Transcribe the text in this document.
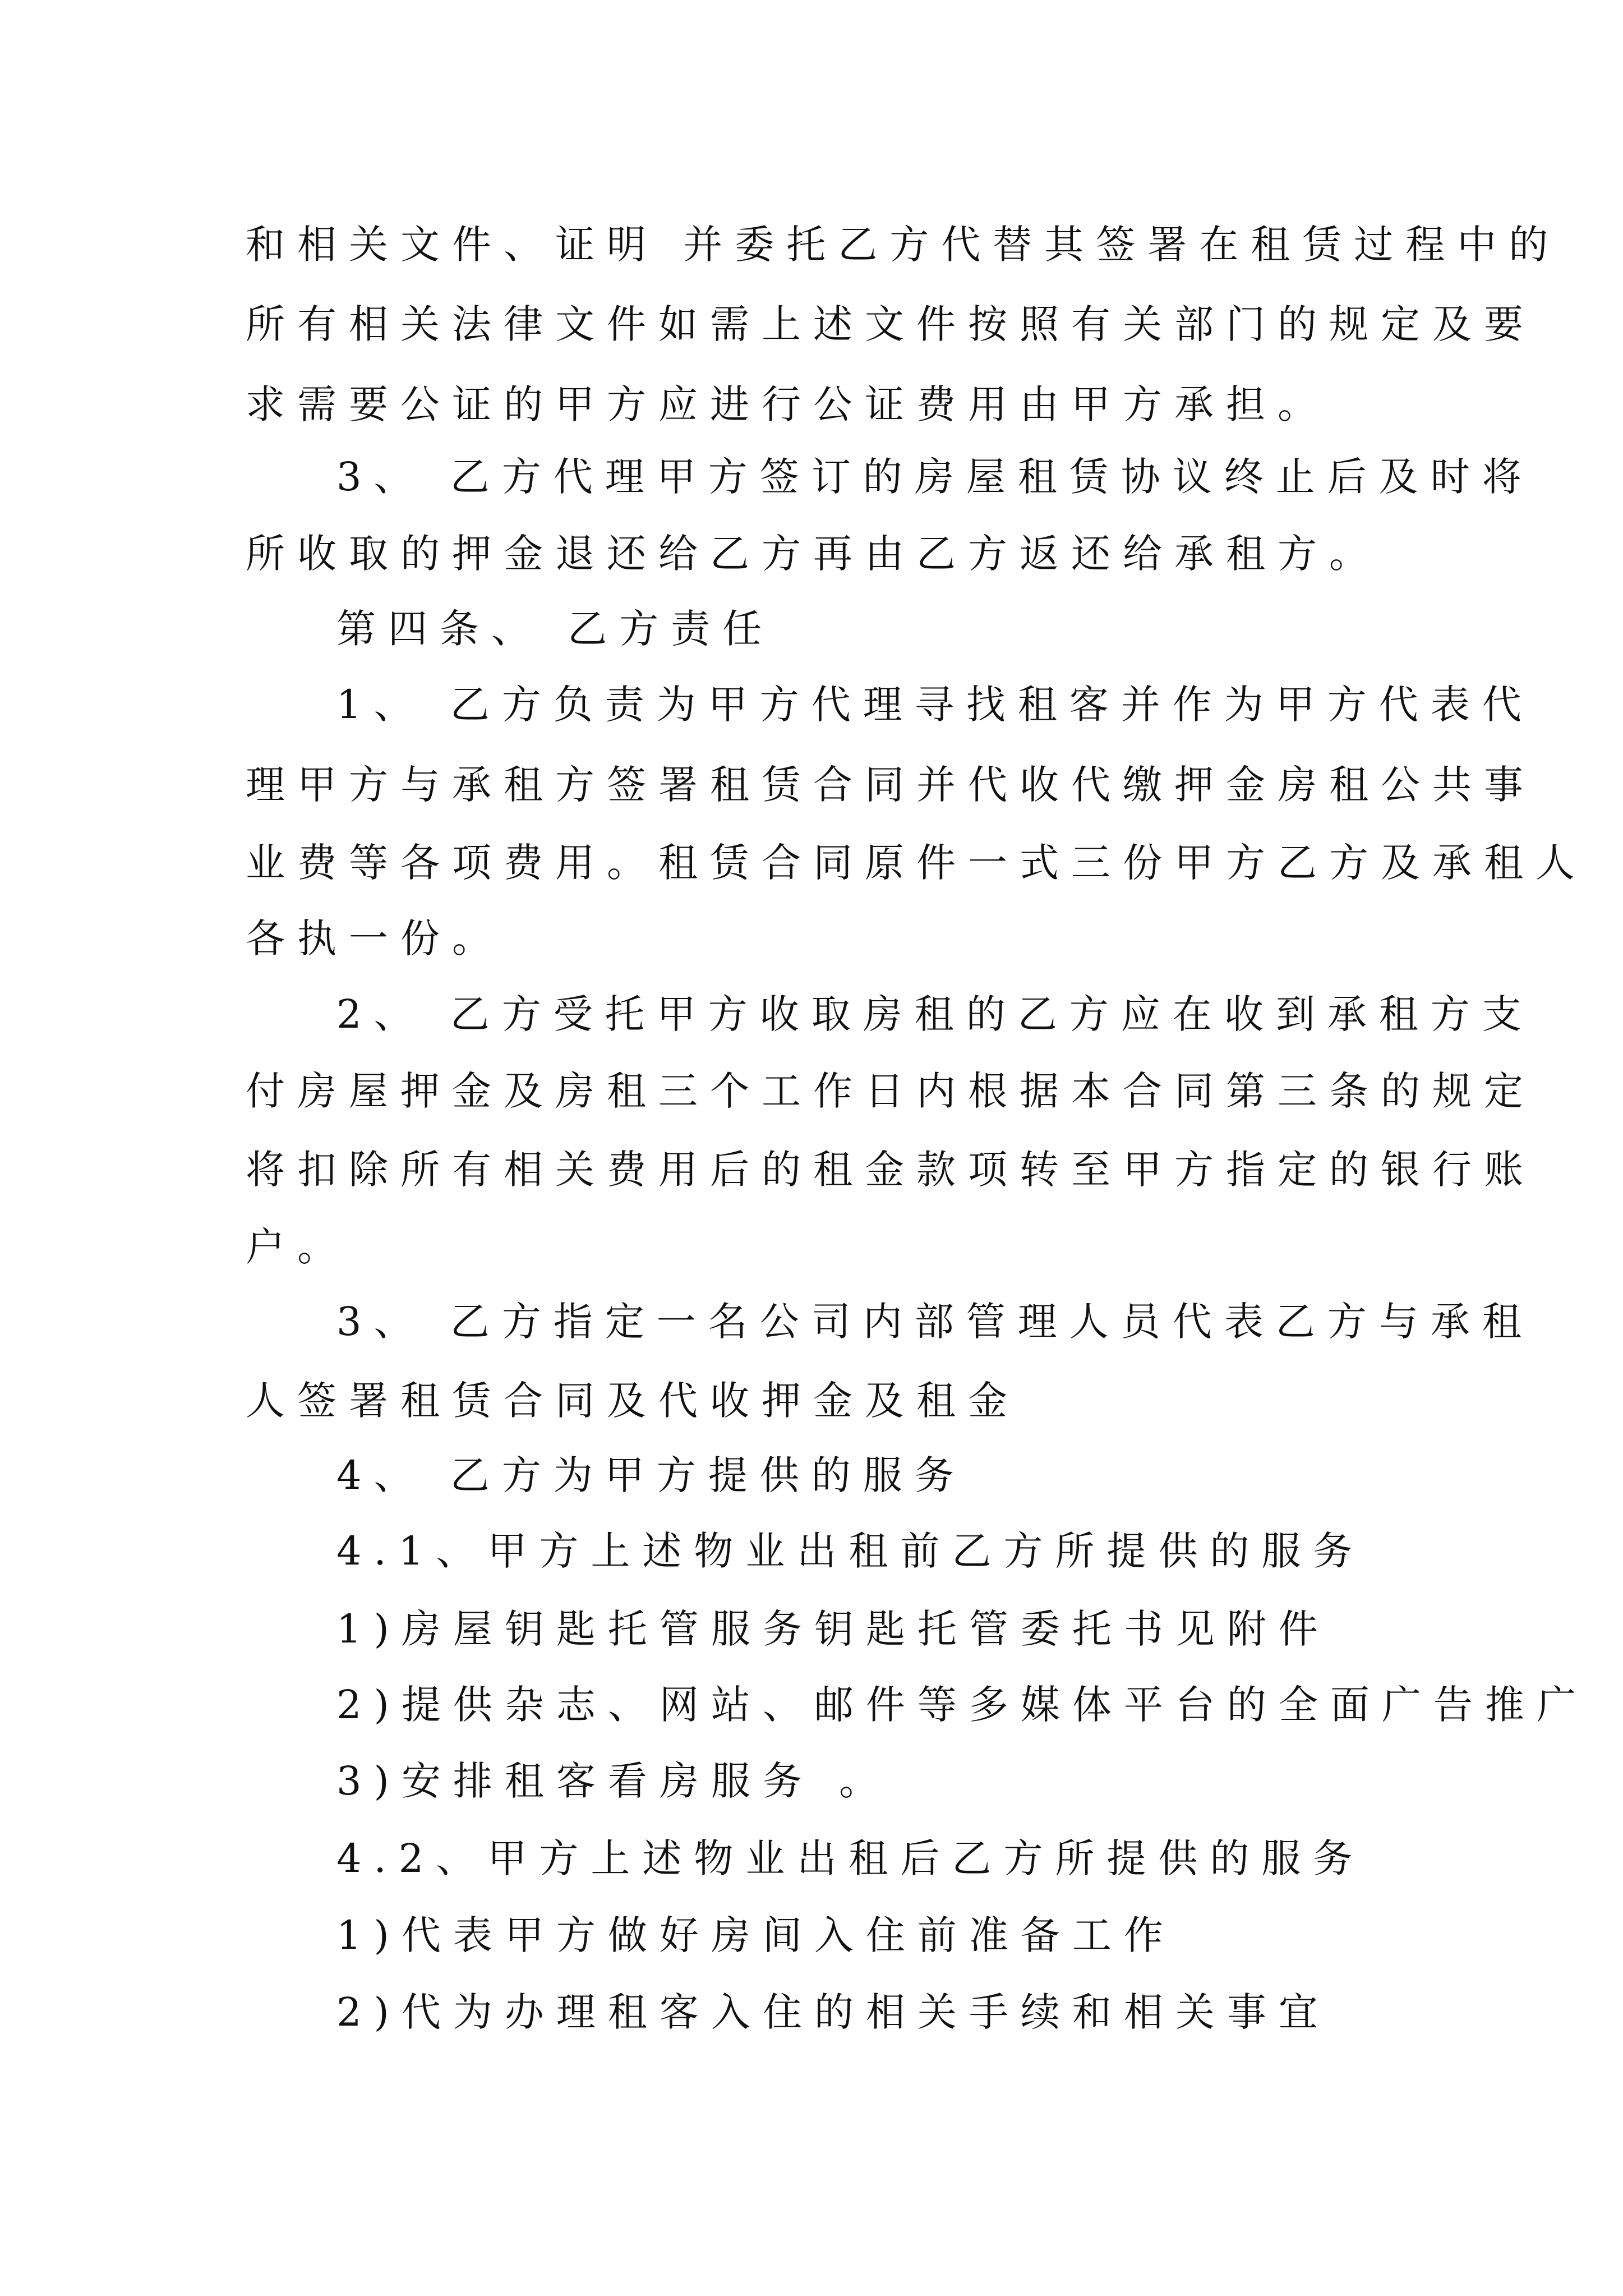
和相关文件、证明 并委托乙方代替其签署在租赁过程中的
所有相关法律文件如需上述文件按照有关部门的规定及要
求需要公证的甲方应进行公证费用由甲方承担。
3、 乙方代理甲方签订的房屋租赁协议终止后及时将
所收取的押金退还给乙方再由乙方返还给承租方。
第四条、 乙方责任
1、 乙方负责为甲方代理寻找租客并作为甲方代表代
理甲方与承租方签署租赁合同并代收代缴押金房租公共事
业费等各项费用。租赁合同原件一式三份甲方乙方及承租人
各执一份。
2、 乙方受托甲方收取房租的乙方应在收到承租方支
付房屋押金及房租三个工作日内根据本合同第三条的规定
将扣除所有相关费用后的租金款项转至甲方指定的银行账
户。
3、 乙方指定一名公司内部管理人员代表乙方与承租
人签署租赁合同及代收押金及租金
4、 乙方为甲方提供的服务
4.1、甲方上述物业出租前乙方所提供的服务
1)房屋钥匙托管服务钥匙托管委托书见附件
2)提供杂志、网站、邮件等多媒体平台的全面广告推广
3)安排租客看房服务 。
4.2、甲方上述物业出租后乙方所提供的服务
1)代表甲方做好房间入住前准备工作
2)代为办理租客入住的相关手续和相关事宜
